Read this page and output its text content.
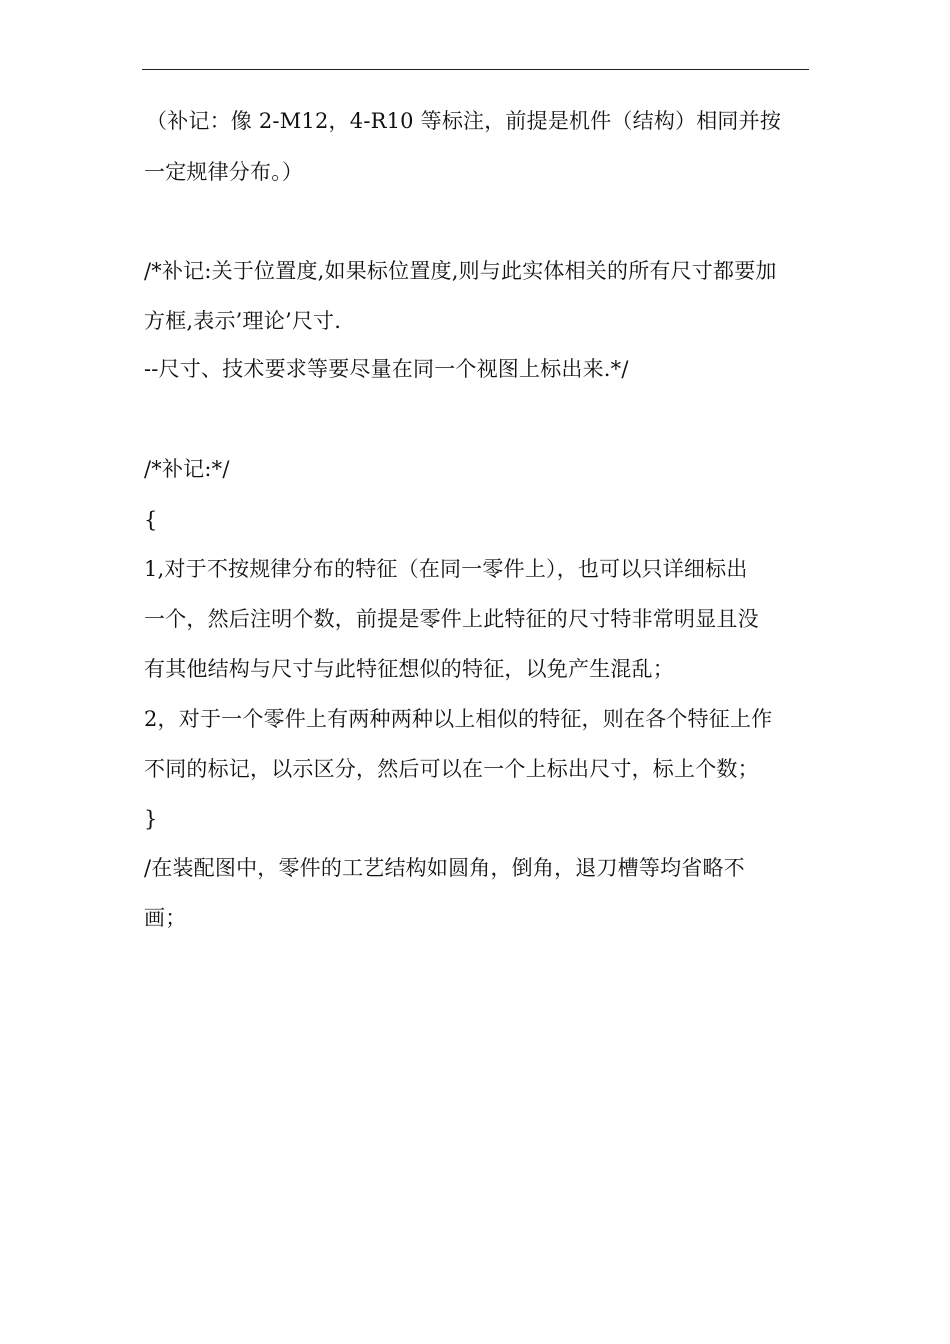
（补记：像 2-M12，4-R10 等标注，前提是机件（结构）相同并按
一定规律分布。）
/*补记:关于位置度,如果标位置度,则与此实体相关的所有尺寸都要加
方框,表示’理论’尺寸.
--尺寸、技术要求等要尽量在同一个视图上标出来.*/
/*补记:*/
{
1,对于不按规律分布的特征（在同一零件上），也可以只详细标出
一个，然后注明个数，前提是零件上此特征的尺寸特非常明显且没
有其他结构与尺寸与此特征想似的特征，以免产生混乱；
2，对于一个零件上有两种两种以上相似的特征，则在各个特征上作
不同的标记，以示区分，然后可以在一个上标出尺寸，标上个数；
}
/在装配图中，零件的工艺结构如圆角，倒角，退刀槽等均省略不
画；
